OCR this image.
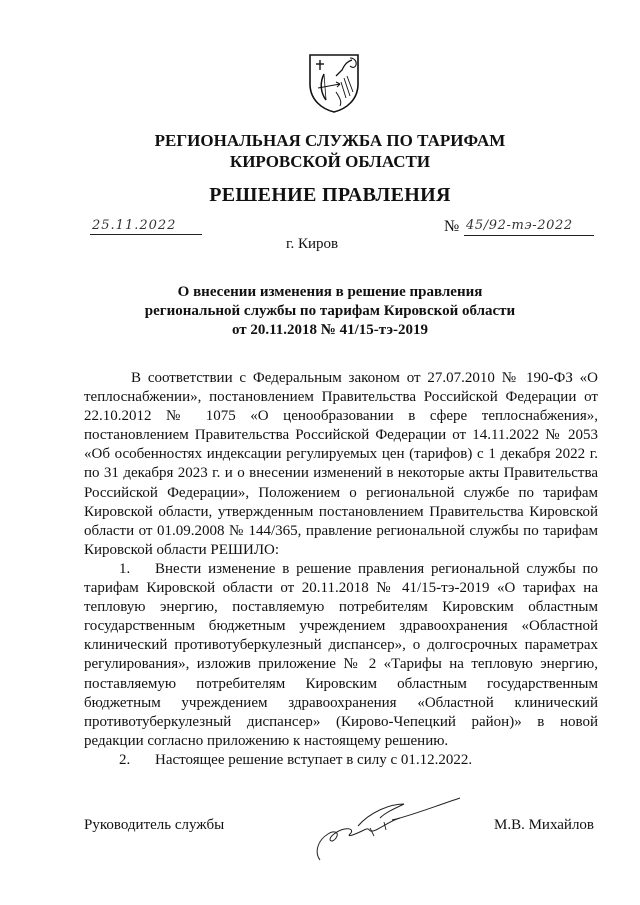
РЕГИОНАЛЬНАЯ СЛУЖБА ПО ТАРИФАМ
КИРОВСКОЙ ОБЛАСТИ
РЕШЕНИЕ ПРАВЛЕНИЯ
25.11.2022	№ 45/92-тэ-2022
г. Киров
О внесении изменения в решение правления
региональной службы по тарифам Кировской области
от 20.11.2018 № 41/15-тэ-2019

В соответствии с Федеральным законом от 27.07.2010 № 190-ФЗ «О теплоснабжении», постановлением Правительства Российской Федерации от 22.10.2012 № 1075 «О ценообразовании в сфере теплоснабжения», постановлением Правительства Российской Федерации от 14.11.2022 № 2053 «Об особенностях индексации регулируемых цен (тарифов) с 1 декабря 2022 г. по 31 декабря 2023 г. и о внесении изменений в некоторые акты Правительства Российской Федерации», Положением о региональной службе по тарифам Кировской области, утвержденным постановлением Правительства Кировской области от 01.09.2008 № 144/365, правление региональной службы по тарифам Кировской области РЕШИЛО:

1. Внести изменение в решение правления региональной службы по тарифам Кировской области от 20.11.2018 № 41/15-тэ-2019 «О тарифах на тепловую энергию, поставляемую потребителям Кировским областным государственным бюджетным учреждением здравоохранения «Областной клинический противотуберкулезный диспансер», о долгосрочных параметрах регулирования», изложив приложение № 2 «Тарифы на тепловую энергию, поставляемую потребителям Кировским областным государственным бюджетным учреждением здравоохранения «Областной клинический противотуберкулезный диспансер» (Кирово-Чепецкий район)» в новой редакции согласно приложению к настоящему решению.

2. Настоящее решение вступает в силу с 01.12.2022.

Руководитель службы	М.В. Михайлов
